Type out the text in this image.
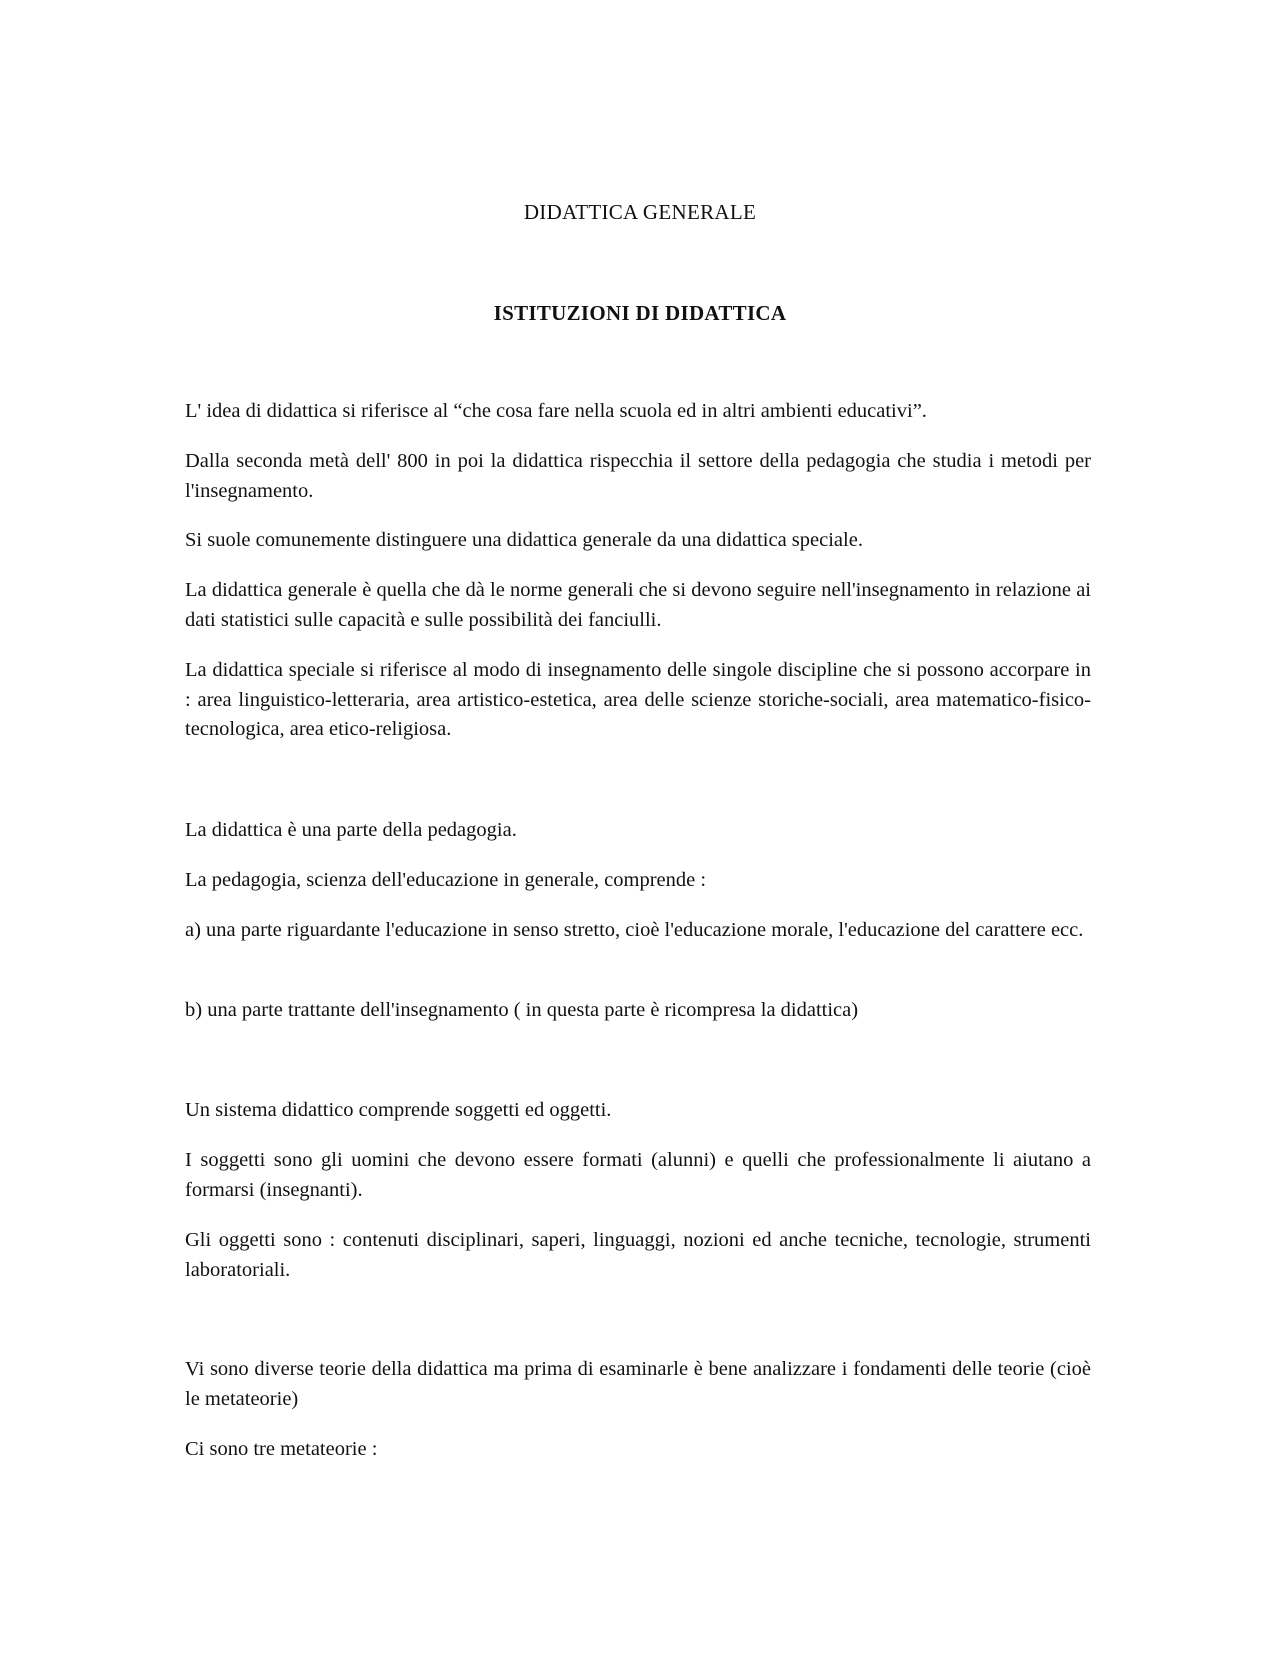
DIDATTICA GENERALE
ISTITUZIONI DI DIDATTICA

L' idea di didattica si riferisce al “che cosa fare nella scuola ed in altri ambienti educativi”.

Dalla seconda metà dell' 800 in poi la didattica rispecchia il settore della pedagogia che studia i metodi per l'insegnamento.

Si suole comunemente distinguere una didattica generale da una didattica speciale.

La didattica generale è quella che dà le norme generali che si devono seguire nell'insegnamento in relazione ai dati statistici sulle capacità e sulle possibilità dei fanciulli.

La didattica speciale si riferisce al modo di insegnamento delle singole discipline che si possono accorpare in : area linguistico-letteraria, area artistico-estetica, area delle scienze storiche-sociali, area matematico-fisico-tecnologica, area etico-religiosa.

La didattica è una parte della pedagogia.

La pedagogia, scienza dell'educazione in generale, comprende :

a) una parte riguardante l'educazione in senso stretto, cioè l'educazione morale, l'educazione del carattere ecc.

b) una parte trattante dell'insegnamento ( in questa parte è ricompresa la didattica)

Un sistema didattico comprende soggetti ed oggetti.

I soggetti sono gli uomini che devono essere formati (alunni) e quelli che professionalmente li aiutano a formarsi (insegnanti).

Gli oggetti sono : contenuti disciplinari, saperi, linguaggi, nozioni ed anche tecniche, tecnologie, strumenti laboratoriali.

Vi sono diverse teorie della didattica ma prima di esaminarle è bene analizzare i fondamenti delle teorie (cioè le metateorie)

Ci sono tre metateorie :
